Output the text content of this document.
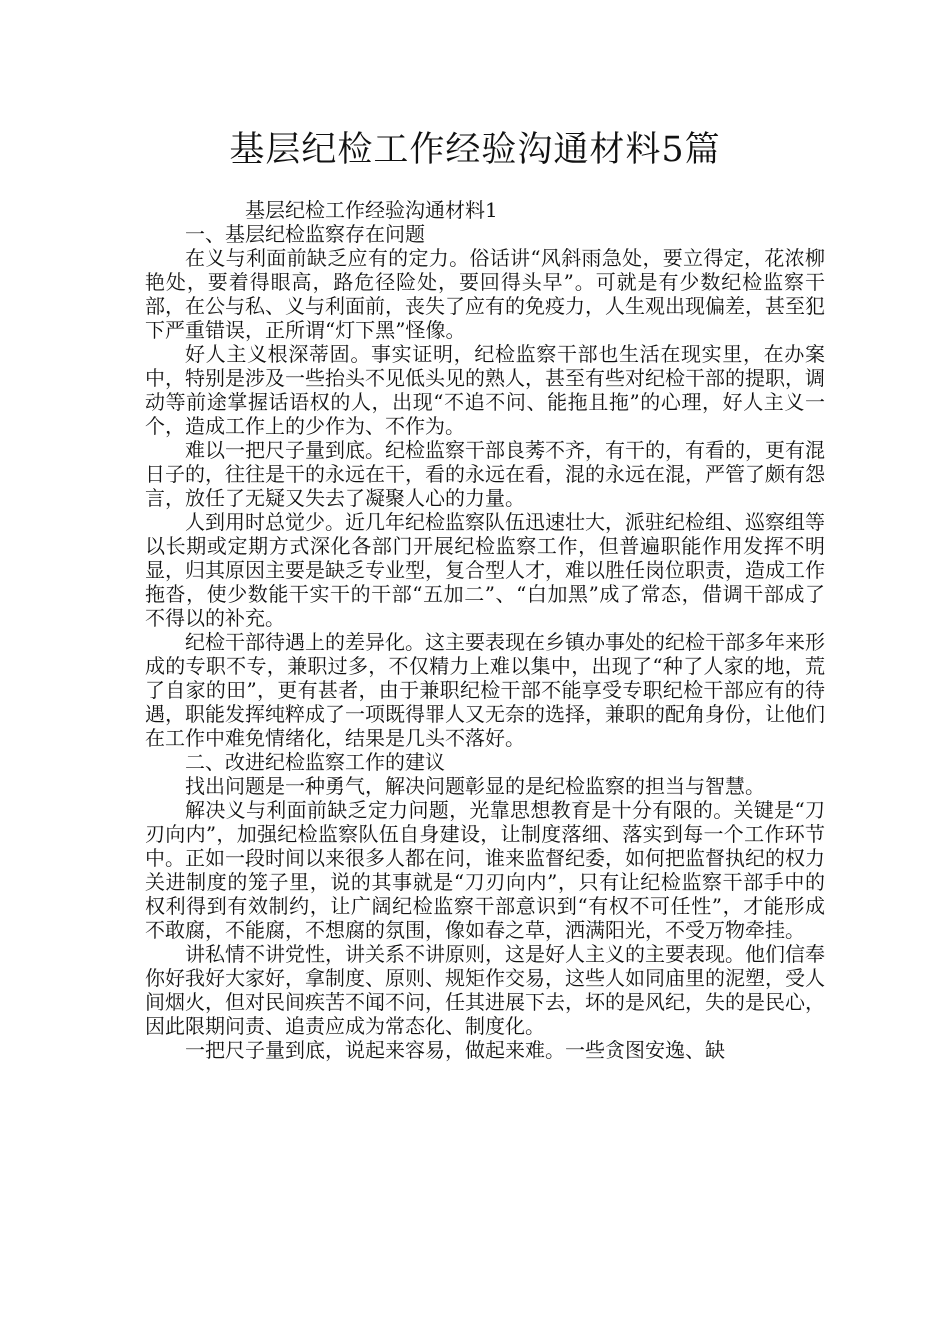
基层纪检工作经验沟通材料5篇

基层纪检工作经验沟通材料1

一、基层纪检监察存在问题

在义与利面前缺乏应有的定力。俗话讲“风斜雨急处，要立得定，花浓柳艳处，要着得眼高，路危径险处，要回得头早”。可就是有少数纪检监察干部，在公与私、义与利面前，丧失了应有的免疫力，人生观出现偏差，甚至犯下严重错误，正所谓“灯下黑”怪像。

好人主义根深蒂固。事实证明，纪检监察干部也生活在现实里，在办案中，特别是涉及一些抬头不见低头见的熟人，甚至有些对纪检干部的提职，调动等前途掌握话语权的人，出现“不追不问、能拖且拖”的心理，好人主义一个，造成工作上的少作为、不作为。

难以一把尺子量到底。纪检监察干部良莠不齐，有干的，有看的，更有混日子的，往往是干的永远在干，看的永远在看，混的永远在混，严管了颇有怨言，放任了无疑又失去了凝聚人心的力量。

人到用时总觉少。近几年纪检监察队伍迅速壮大，派驻纪检组、巡察组等以长期或定期方式深化各部门开展纪检监察工作，但普遍职能作用发挥不明显，归其原因主要是缺乏专业型，复合型人才，难以胜任岗位职责，造成工作拖沓，使少数能干实干的干部“五加二”、“白加黑”成了常态，借调干部成了不得以的补充。

纪检干部待遇上的差异化。这主要表现在乡镇办事处的纪检干部多年来形成的专职不专，兼职过多，不仅精力上难以集中，出现了“种了人家的地，荒了自家的田”，更有甚者，由于兼职纪检干部不能享受专职纪检干部应有的待遇，职能发挥纯粹成了一项既得罪人又无奈的选择，兼职的配角身份，让他们在工作中难免情绪化，结果是几头不落好。

二、改进纪检监察工作的建议

找出问题是一种勇气，解决问题彰显的是纪检监察的担当与智慧。

解决义与利面前缺乏定力问题，光靠思想教育是十分有限的。关键是“刀刃向内”，加强纪检监察队伍自身建设，让制度落细、落实到每一个工作环节中。正如一段时间以来很多人都在问，谁来监督纪委，如何把监督执纪的权力关进制度的笼子里，说的其事就是“刀刃向内”，只有让纪检监察干部手中的权利得到有效制约，让广阔纪检监察干部意识到“有权不可任性”，才能形成不敢腐，不能腐，不想腐的氛围，像如春之草，洒满阳光，不受万物牵挂。

讲私情不讲党性，讲关系不讲原则，这是好人主义的主要表现。他们信奉你好我好大家好，拿制度、原则、规矩作交易，这些人如同庙里的泥塑，受人间烟火，但对民间疾苦不闻不问，任其进展下去，坏的是风纪，失的是民心，因此限期问责、追责应成为常态化、制度化。

一把尺子量到底，说起来容易，做起来难。一些贪图安逸、缺
